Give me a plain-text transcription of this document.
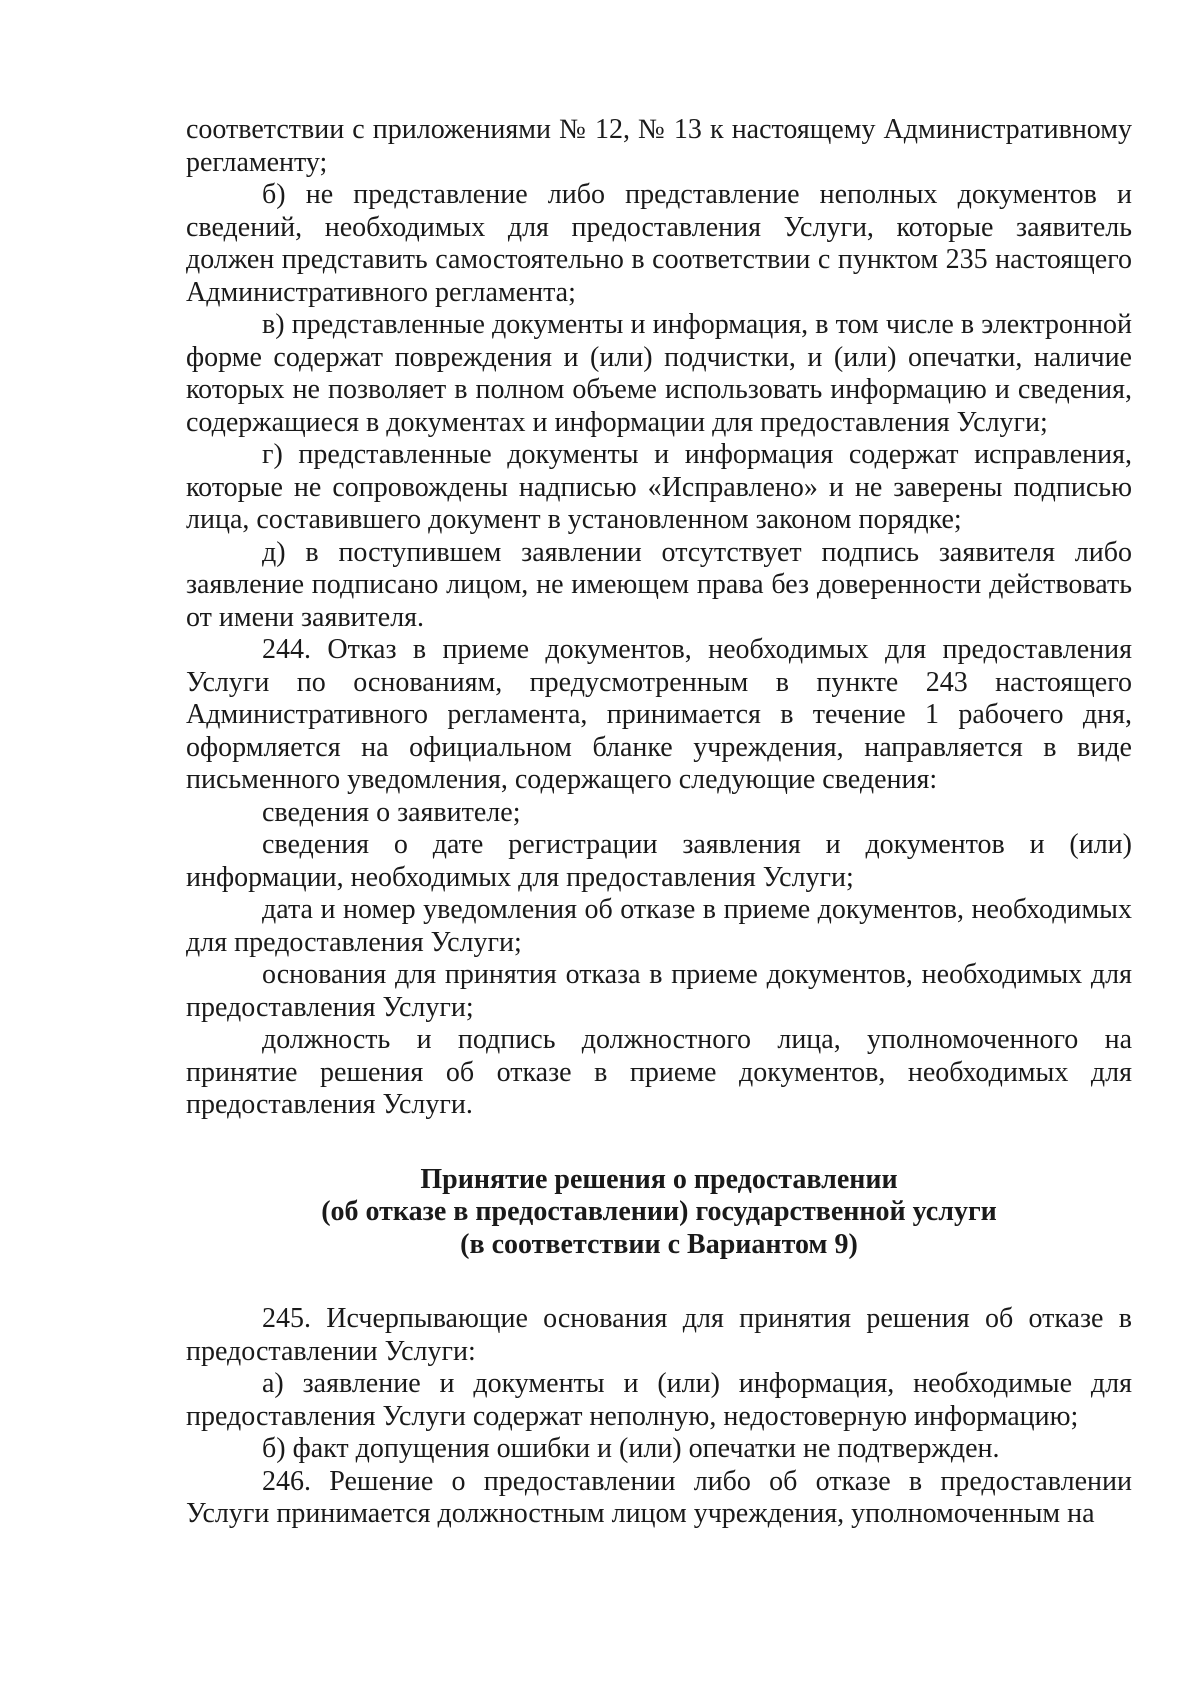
соответствии с приложениями № 12, № 13 к настоящему Административному регламенту;

б) не представление либо представление неполных документов и сведений, необходимых для предоставления Услуги, которые заявитель должен представить самостоятельно в соответствии с пунктом 235 настоящего Административного регламента;

в) представленные документы и информация, в том числе в электронной форме содержат повреждения и (или) подчистки, и (или) опечатки, наличие которых не позволяет в полном объеме использовать информацию и сведения, содержащиеся в документах и информации для предоставления Услуги;

г) представленные документы и информация содержат исправления, которые не сопровождены надписью «Исправлено» и не заверены подписью лица, составившего документ в установленном законом порядке;

д) в поступившем заявлении отсутствует подпись заявителя либо заявление подписано лицом, не имеющем права без доверенности действовать от имени заявителя.

244. Отказ в приеме документов, необходимых для предоставления Услуги по основаниям, предусмотренным в пункте 243 настоящего Административного регламента, принимается в течение 1 рабочего дня, оформляется на официальном бланке учреждения, направляется в виде письменного уведомления, содержащего следующие сведения:

сведения о заявителе;

сведения о дате регистрации заявления и документов и (или) информации, необходимых для предоставления Услуги;

дата и номер уведомления об отказе в приеме документов, необходимых для предоставления Услуги;

основания для принятия отказа в приеме документов, необходимых для предоставления Услуги;

должность и подпись должностного лица, уполномоченного на принятие решения об отказе в приеме документов, необходимых для предоставления Услуги.

Принятие решения о предоставлении
(об отказе в предоставлении) государственной услуги
(в соответствии с Вариантом 9)

245. Исчерпывающие основания для принятия решения об отказе в предоставлении Услуги:

а) заявление и документы и (или) информация, необходимые для предоставления Услуги содержат неполную, недостоверную информацию;

б) факт допущения ошибки и (или) опечатки не подтвержден.

246. Решение о предоставлении либо об отказе в предоставлении Услуги принимается должностным лицом учреждения, уполномоченным на
